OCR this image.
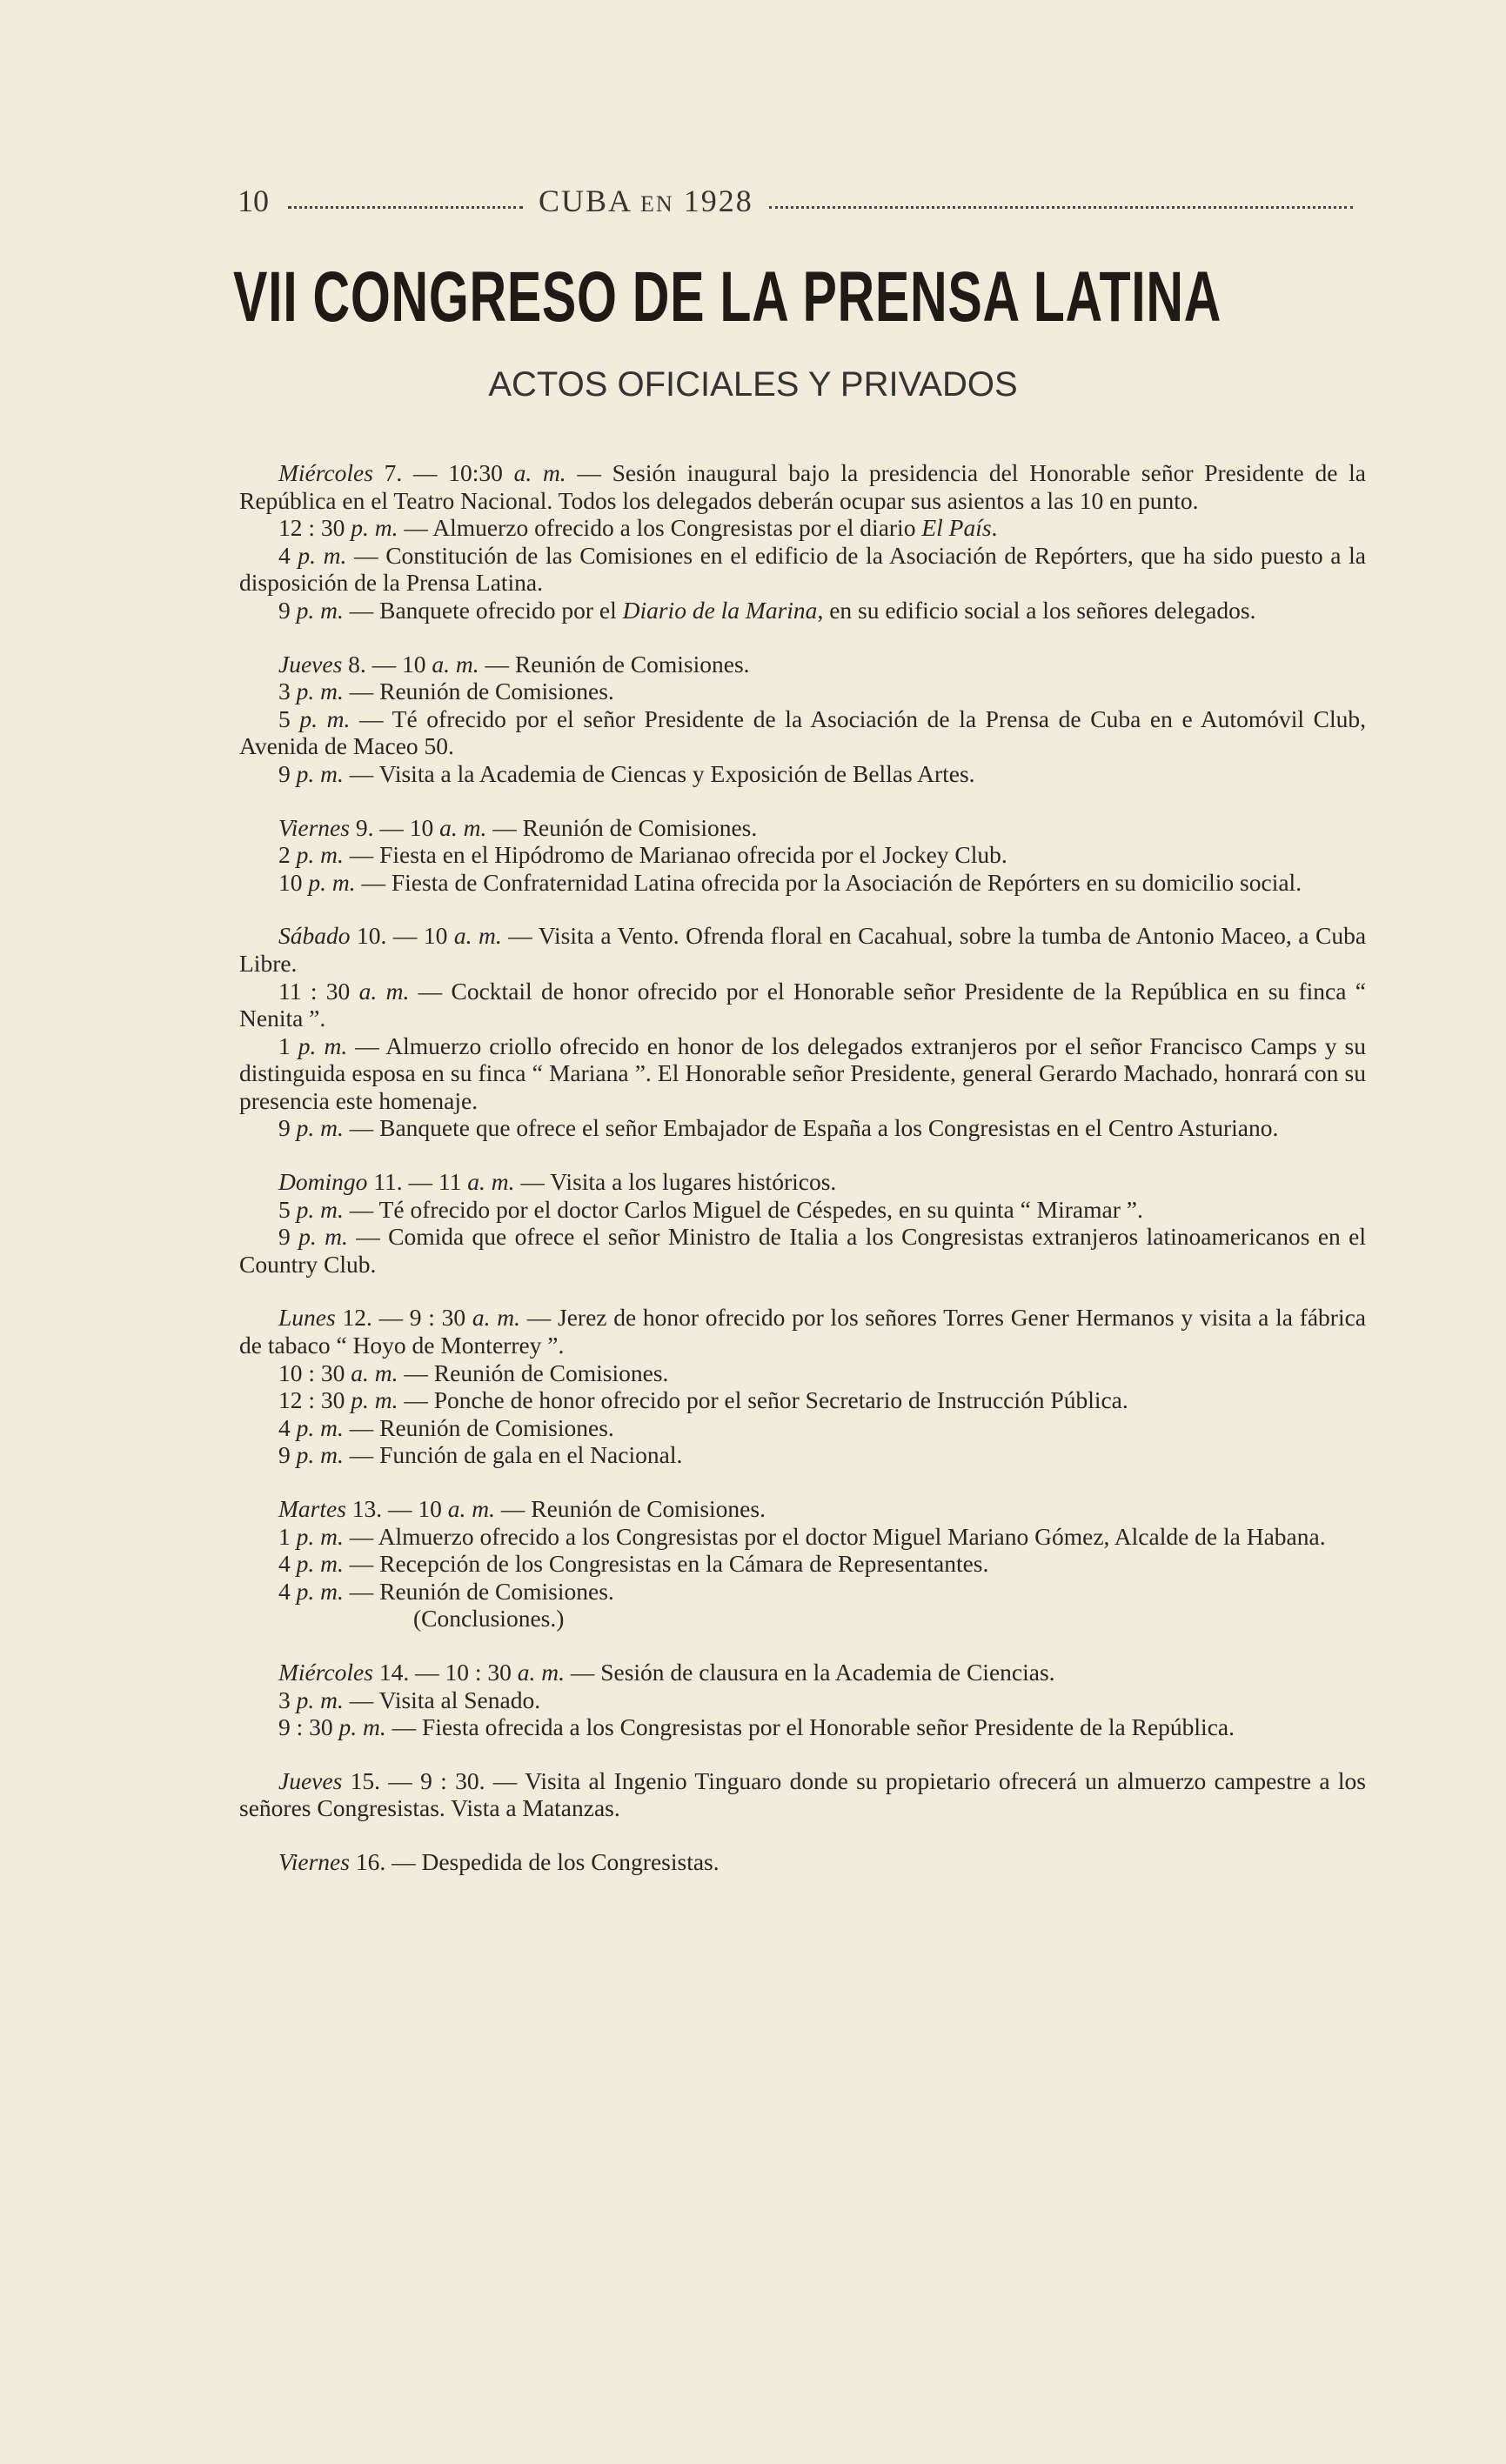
10	CUBA EN 1928
VII CONGRESO DE LA PRENSA LATINA
ACTOS OFICIALES Y PRIVADOS

Miércoles 7. — 10:30 a. m. — Sesión inaugural bajo la presidencia del Honorable señor Presidente de la República en el Teatro Nacional. Todos los delegados deberán ocupar sus asientos a las 10 en punto.

12 : 30 p. m. — Almuerzo ofrecido a los Congresistas por el diario El País.

4 p. m. — Constitución de las Comisiones en el edificio de la Asociación de Repórters, que ha sido puesto a la disposición de la Prensa Latina.

9 p. m. — Banquete ofrecido por el Diario de la Marina, en su edificio social a los señores delegados.

Jueves 8. — 10 a. m. — Reunión de Comisiones.

3 p. m. — Reunión de Comisiones.

5 p. m. — Té ofrecido por el señor Presidente de la Asociación de la Prensa de Cuba en e Automóvil Club, Avenida de Maceo 50.

9 p. m. — Visita a la Academia de Ciencas y Exposición de Bellas Artes.

Viernes 9. — 10 a. m. — Reunión de Comisiones.

2 p. m. — Fiesta en el Hipódromo de Marianao ofrecida por el Jockey Club.

10 p. m. — Fiesta de Confraternidad Latina ofrecida por la Asociación de Repórters en su domicilio social.

Sábado 10. — 10 a. m. — Visita a Vento. Ofrenda floral en Cacahual, sobre la tumba de Antonio Maceo, a Cuba Libre.

11 : 30 a. m. — Cocktail de honor ofrecido por el Honorable señor Presidente de la República en su finca “ Nenita ”.

1 p. m. — Almuerzo criollo ofrecido en honor de los delegados extranjeros por el señor Francisco Camps y su distinguida esposa en su finca “ Mariana ”. El Honorable señor Presidente, general Gerardo Machado, honrará con su presencia este homenaje.

9 p. m. — Banquete que ofrece el señor Embajador de España a los Congresistas en el Centro Asturiano.

Domingo 11. — 11 a. m. — Visita a los lugares históricos.

5 p. m. — Té ofrecido por el doctor Carlos Miguel de Céspedes, en su quinta “ Miramar ”.

9 p. m. — Comida que ofrece el señor Ministro de Italia a los Congresistas extranjeros latinoamericanos en el Country Club.

Lunes 12. — 9 : 30 a. m. — Jerez de honor ofrecido por los señores Torres Gener Hermanos y visita a la fábrica de tabaco “ Hoyo de Monterrey ”.

10 : 30 a. m. — Reunión de Comisiones.

12 : 30 p. m. — Ponche de honor ofrecido por el señor Secretario de Instrucción Pública.

4 p. m. — Reunión de Comisiones.

9 p. m. — Función de gala en el Nacional.

Martes 13. — 10 a. m. — Reunión de Comisiones.

1 p. m. — Almuerzo ofrecido a los Congresistas por el doctor Miguel Mariano Gómez, Alcalde de la Habana.

4 p. m. — Recepción de los Congresistas en la Cámara de Representantes.

4 p. m. — Reunión de Comisiones.

(Conclusiones.)

Miércoles 14. — 10 : 30 a. m. — Sesión de clausura en la Academia de Ciencias.

3 p. m. — Visita al Senado.

9 : 30 p. m. — Fiesta ofrecida a los Congresistas por el Honorable señor Presidente de la República.

Jueves 15. — 9 : 30. — Visita al Ingenio Tinguaro donde su propietario ofrecerá un almuerzo campestre a los señores Congresistas. Vista a Matanzas.

Viernes 16. — Despedida de los Congresistas.
